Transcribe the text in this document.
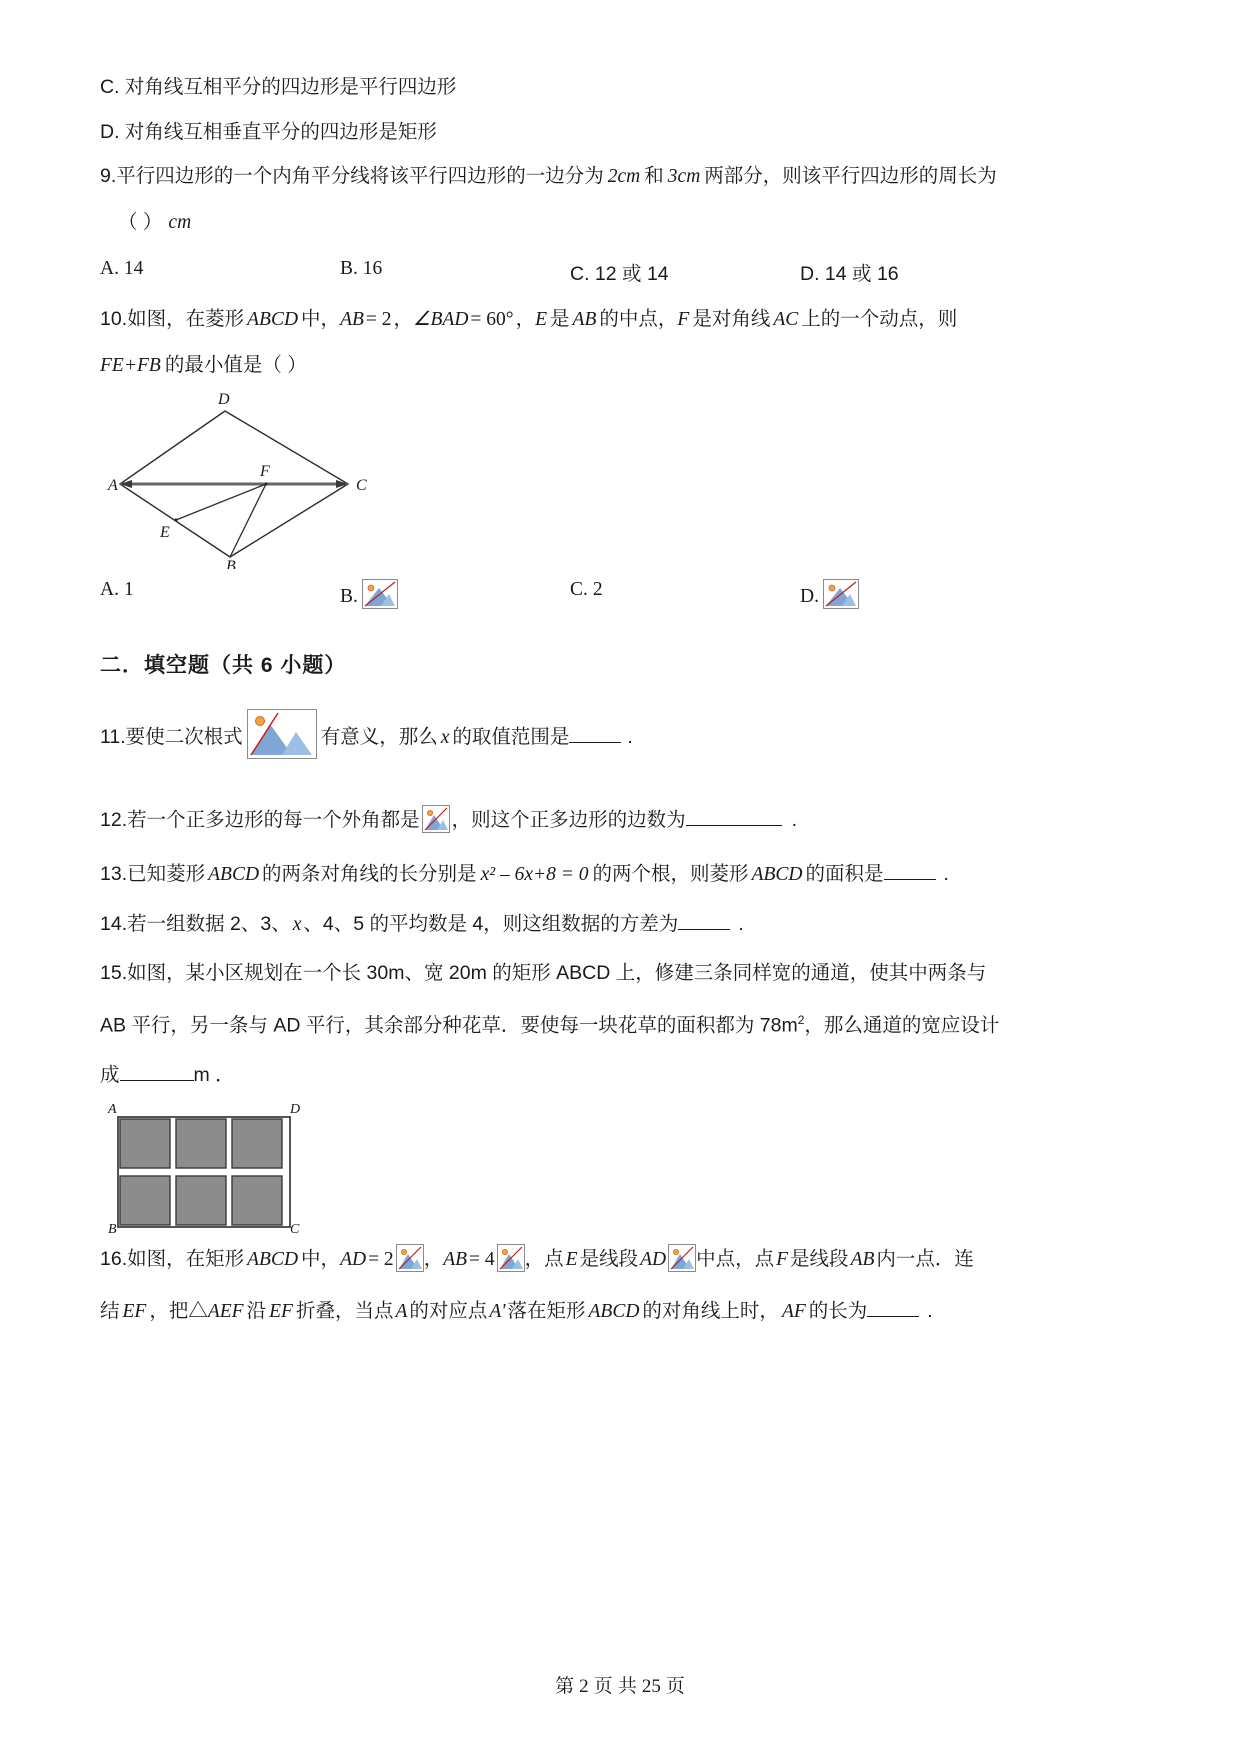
C. 对角线互相平分的四边形是平行四边形
D. 对角线互相垂直平分的四边形是矩形
9.平行四边形的一个内角平分线将该平行四边形的一边分为 2cm 和 3cm 两部分，则该平行四边形的周长为
（ ） cm
A. 14	B. 16	C. 12 或 14	D. 14 或 16
10.如图，在菱形 ABCD 中，AB = 2 ，∠BAD = 60° ，E 是 AB 的中点，F 是对角线 AC 上的一个动点，则
FE+FB 的最小值是（ ）
A	C
D
B
E
F
A. 1	B.	C. 2	D.
二．填空题（共 6 小题）
11.要使二次根式	有意义，那么 x 的取值范围是	.
12.若一个正多边形的每一个外角都是 ，则这个正多边形的边数为	.
13.已知菱形 ABCD 的两条对角线的长分别是 x² – 6x+8 = 0 的两个根，则菱形 ABCD 的面积是	.
14.若一组数据 2、3、 x 、4、5 的平均数是 4，则这组数据的方差为	.
15.如图，某小区规划在一个长 30m、宽 20m 的矩形 ABCD 上，修建三条同样宽的通道，使其中两条与
AB 平行，另一条与 AD 平行，其余部分种花草．要使每一块花草的面积都为 $78m^2$，那么通道的宽应设计
成	m ．
A	D
B	C
16.如图，在矩形 ABCD 中，AD = 2 ，AB = 4 ，点 E 是线段 AD 中点，点 F 是线段 AB 内一点．连
结 EF ，把△AEF 沿 EF 折叠，当点 A 的对应点 A' 落在矩形 ABCD 的对角线上时， AF 的长为	.
第 2 页 共 25 页
